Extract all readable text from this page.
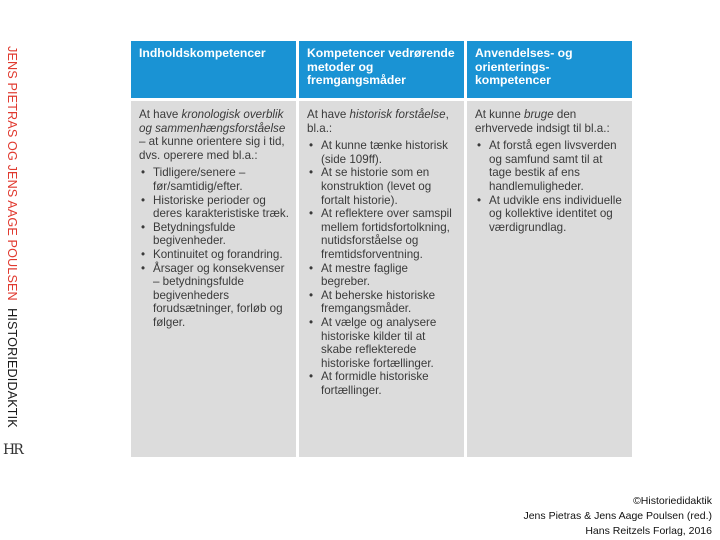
JENS PIETRAS OG JENS AAGE POULSEN  HISTORIEDIDAKTIK
Indholdskompetencer

At have kronologisk overblik og sammenhængsforståelse – at kunne orientere sig i tid, dvs. operere med bl.a.:

• Tidligere/senere – før/samtidig/efter.
• Historiske perioder og deres karakteristiske træk.
• Betydningsfulde begivenheder.
• Kontinuitet og forandring.
• Årsager og konsekvenser – betydningsfulde begivenheders forudsætninger, forløb og følger.
Kompetencer vedrørende metoder og fremgangsmåder

At have historisk forståelse, bl.a.:

• At kunne tænke historisk (side 109ff).
• At se historie som en konstruktion (levet og fortalt historie).
• At reflektere over samspil mellem fortidsfortolkning, nutidsforståelse og fremtidsforventning.
• At mestre faglige begreber.
• At beherske historiske fremgangsmåder.
• At vælge og analysere historiske kilder til at skabe reflekterede historiske fortællinger.
• At formidle historiske fortællinger.
Anvendelses- og orienterings- kompetencer

At kunne bruge den erhvervede indsigt til bl.a.:

• At forstå egen livsverden og samfund samt til at tage bestik af ens handlemuligheder.
• At udvikle ens individuelle og kollektive identitet og værdigrundlag.
HR
©Historiedidaktik
Jens Pietras & Jens Aage Poulsen (red.)
Hans Reitzels Forlag, 2016
